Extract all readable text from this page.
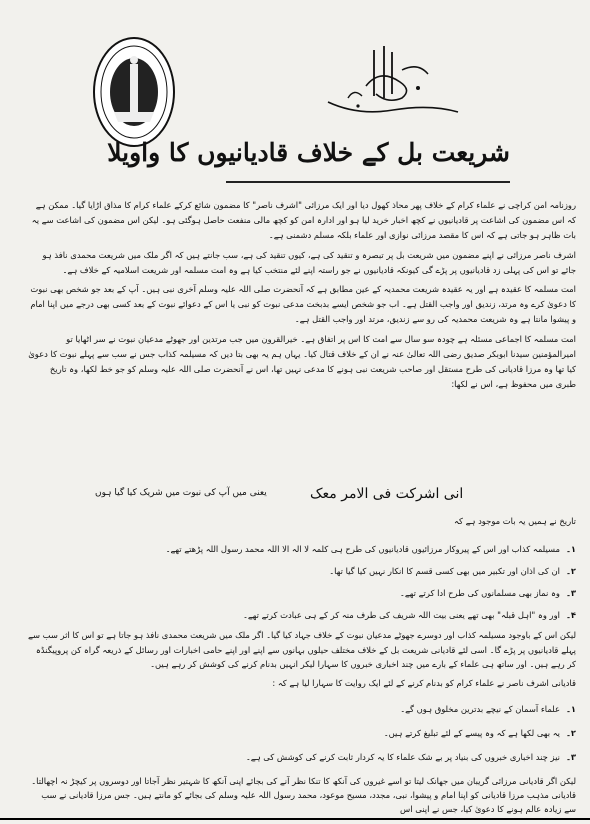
شریعت بل کے خلاف قادیانیوں کا واویلا

روزنامہ امن کراچی نے علماء کرام کے خلاف پھر محاذ کھول دیا اور ایک مرزائی "اشرف ناصر" کا مضمون شائع کرکے علماء کرام کا مذاق اڑایا گیا۔ ممکن ہے کہ اس مضمون کی اشاعت پر قادیانیوں نے کچھ اخبار خرید لیا ہو اور ادارہ امن کو کچھ مالی منفعت حاصل ہوگئی ہو۔ لیکن اس مضمون کی اشاعت سے یہ بات ظاہر ہو جاتی ہے کہ اس کا مقصد مرزائی نوازی اور علماء بلکہ مسلم دشمنی ہے۔

اشرف ناصر مرزائی نے اپنے مضمون میں شریعت بل پر تبصرہ و تنقید کی ہے، کیوں تنقید کی ہے، سب جانتے ہیں کہ اگر ملک میں شریعت محمدی نافذ ہو جائے تو اس کی پہلی زد قادیانیوں پر پڑے گی کیونکہ قادیانیوں نے جو راستہ اپنے لئے منتخب کیا ہے وہ امت مسلمہ اور شریعت اسلامیہ کے خلاف ہے۔

امت مسلمہ کا عقیدہ ہے اور یہ عقیدہ شریعت محمدیہ کے عین مطابق ہے کہ آنحضرت صلی اللہ علیہ وسلم آخری نبی ہیں۔ آپ کے بعد جو شخص بھی نبوت کا دعویٰ کرے وہ مرتد، زندیق اور واجب القتل ہے۔ اب جو شخص ایسے بدبخت مدعی نبوت کو نبی یا اس کے دعوائے نبوت کے بعد کسی بھی درجے میں اپنا امام و پیشوا مانتا ہے وہ شریعت محمدیہ کی رو سے زندیق، مرتد اور واجب القتل ہے۔

امت مسلمہ کا اجماعی مسئلہ ہے چودہ سو سال سے امت کا اس پر اتفاق ہے۔ خیرالقرون میں جب مرتدین اور جھوٹے مدعیان نبوت نے سر اٹھایا تو امیرالمؤمنین سیدنا ابوبکر صدیق رضی اللہ تعالیٰ عنہ نے ان کے خلاف قتال کیا۔ یہاں ہم یہ بھی بتا دیں کہ مسیلمہ کذاب جس نے سب سے پہلے نبوت کا دعویٰ کیا تھا وہ مرزا قادیانی کی طرح مستقل اور صاحب شریعت نبی ہونے کا مدعی نہیں تھا، اس نے آنحضرت صلی اللہ علیہ وسلم کو جو خط لکھا، وہ تاریخ طبری میں محفوظ ہے، اس نے لکھا:

انی اشرکت فی الامر معک
یعنی میں آپ کی نبوت میں شریک کیا گیا ہوں
تاریخ نے ہمیں یہ بات موجود ہے کہ
۱۔مسیلمہ کذاب اور اس کے پیروکار مرزائیوں قادیانیوں کی طرح ہی کلمہ لا الہ الا اللہ محمد رسول اللہ پڑھتے تھے۔
۲۔ان کی اذان اور تکبیر میں بھی کسی قسم کا انکار نہیں کیا گیا تھا۔
۳۔وہ نماز بھی مسلمانوں کی طرح ادا کرتے تھے۔
۴۔اور وہ "اہل قبلہ" بھی تھے یعنی بیت اللہ شریف کی طرف منہ کر کے ہی عبادت کرتے تھے۔

لیکن اس کے باوجود مسیلمہ کذاب اور دوسرے جھوٹے مدعیان نبوت کے خلاف جہاد کیا گیا۔ اگر ملک میں شریعت محمدی نافذ ہو جاتا ہے تو اس کا اثر سب سے پہلے قادیانیوں پر پڑے گا۔ اسی لئے قادیانی شریعت بل کے خلاف مختلف حیلوں بہانوں سے اپنے اور اپنے حامی اخبارات اور رسائل کے ذریعہ گراہ کن پروپیگنڈہ کر رہے ہیں۔ اور ساتھ ہی علماء کے بارے میں چند اخباری خبروں کا سہارا لیکر انہیں بدنام کرنے کی کوشش کر رہے ہیں۔

قادیانی اشرف ناصر نے علماء کرام کو بدنام کرنے کے لئے ایک روایت کا سہارا لیا ہے کہ :

۱۔علماء آسمان کے نیچے بدترین مخلوق ہوں گے۔
۲۔یہ بھی لکھا ہے کہ وہ پیسے کے لئے تبلیغ کرتے ہیں۔
۳۔نیز چند اخباری خبروں کی بنیاد پر بے شک علماء کا یہ کردار ثابت کرنے کی کوشش کی ہے۔

لیکن اگر قادیانی مرزائی گریبان میں جھانک لیتا تو اسے غیروں کی آنکھ کا تنکا نظر آنے کی بجائے اپنی آنکھ کا شہتیر نظر آجاتا اور دوسروں پر کیچڑ نہ اچھالتا۔ قادیانی مذہب مرزا قادیانی کو اپنا امام و پیشوا، نبی، مجدد، مسیح موعود، محمد رسول اللہ علیہ وسلم کی بجائے کو مانتے ہیں۔ جس مرزا قادیانی نے سب سے زیادہ عالم ہونے کا دعویٰ کیا، جس نے اپنی اس
